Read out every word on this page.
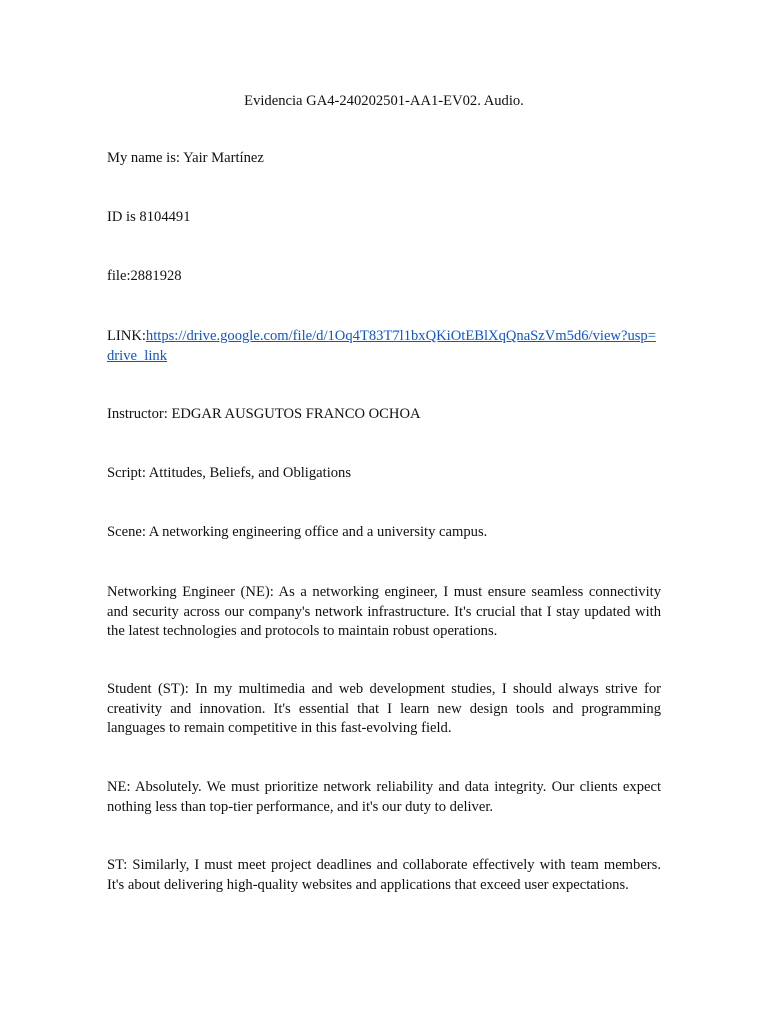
Evidencia GA4-240202501-AA1-EV02. Audio.

My name is: Yair Martínez

ID is 8104491

file:2881928

LINK:https://drive.google.com/file/d/1Oq4T83T7l1bxQKiOtEBlXqQnaSzVm5d6/view?usp=drive_link

Instructor: EDGAR AUSGUTOS FRANCO OCHOA

Script: Attitudes, Beliefs, and Obligations

Scene: A networking engineering office and a university campus.

Networking Engineer (NE): As a networking engineer, I must ensure seamless connectivity and security across our company's network infrastructure. It's crucial that I stay updated with the latest technologies and protocols to maintain robust operations.

Student (ST): In my multimedia and web development studies, I should always strive for creativity and innovation. It's essential that I learn new design tools and programming languages to remain competitive in this fast-evolving field.

NE: Absolutely. We must prioritize network reliability and data integrity. Our clients expect nothing less than top-tier performance, and it's our duty to deliver.

ST: Similarly, I must meet project deadlines and collaborate effectively with team members. It's about delivering high-quality websites and applications that exceed user expectations.
